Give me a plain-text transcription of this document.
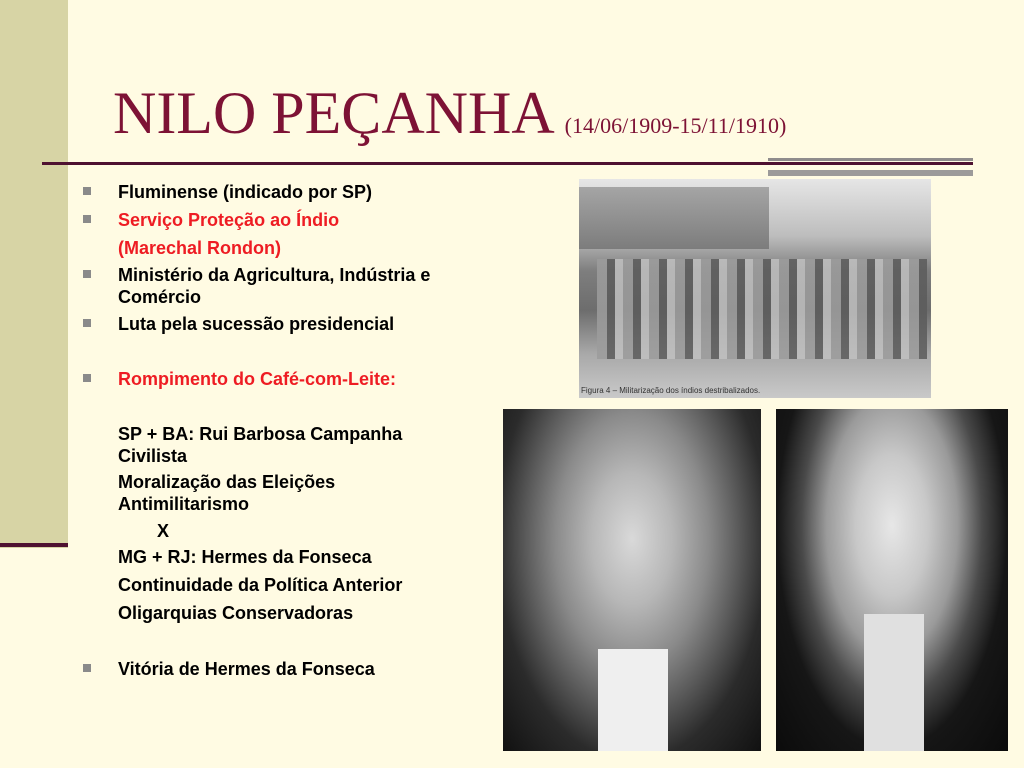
NILO PEÇANHA (14/06/1909-15/11/1910)

Fluminense (indicado por SP)

Serviço Proteção ao Índio

(Marechal Rondon)

Ministério da Agricultura, Indústria e

Comércio

Luta pela sucessão presidencial

Rompimento do Café-com-Leite:

SP + BA: Rui Barbosa Campanha

Civilista

Moralização das Eleições

Antimilitarismo

X

MG + RJ: Hermes da Fonseca

Continuidade da Política Anterior

Oligarquias Conservadoras

Vitória de Hermes da Fonseca

Figura 4 – Militarização dos índios destribalizados.
